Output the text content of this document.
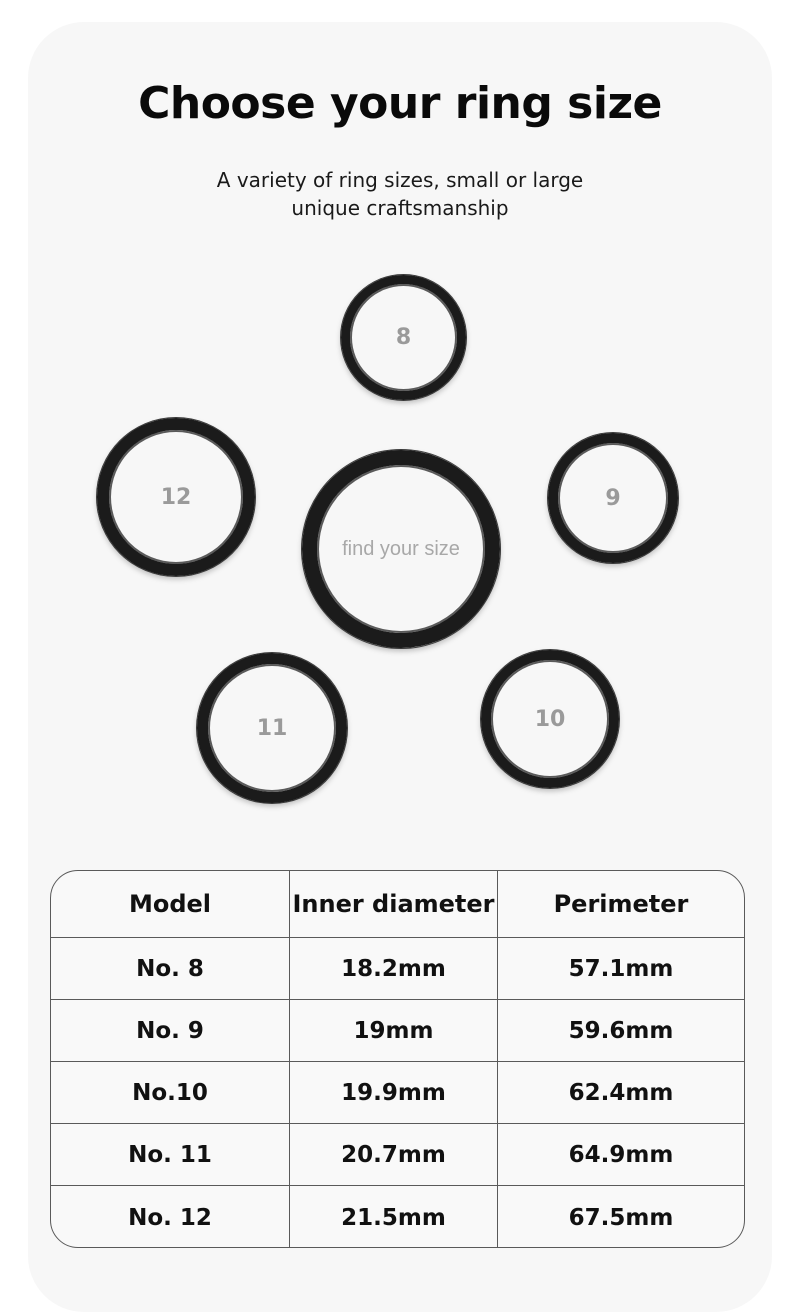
Choose your ring size
A variety of ring sizes, small or large
unique craftsmanship
8
12
find your size
9
11	10
Model	Inner diameter	Perimeter
No. 8	18.2mm	57.1mm
No. 9	19mm	59.6mm
No.10	19.9mm	62.4mm
No. 11	20.7mm	64.9mm
No. 12	21.5mm	67.5mm
